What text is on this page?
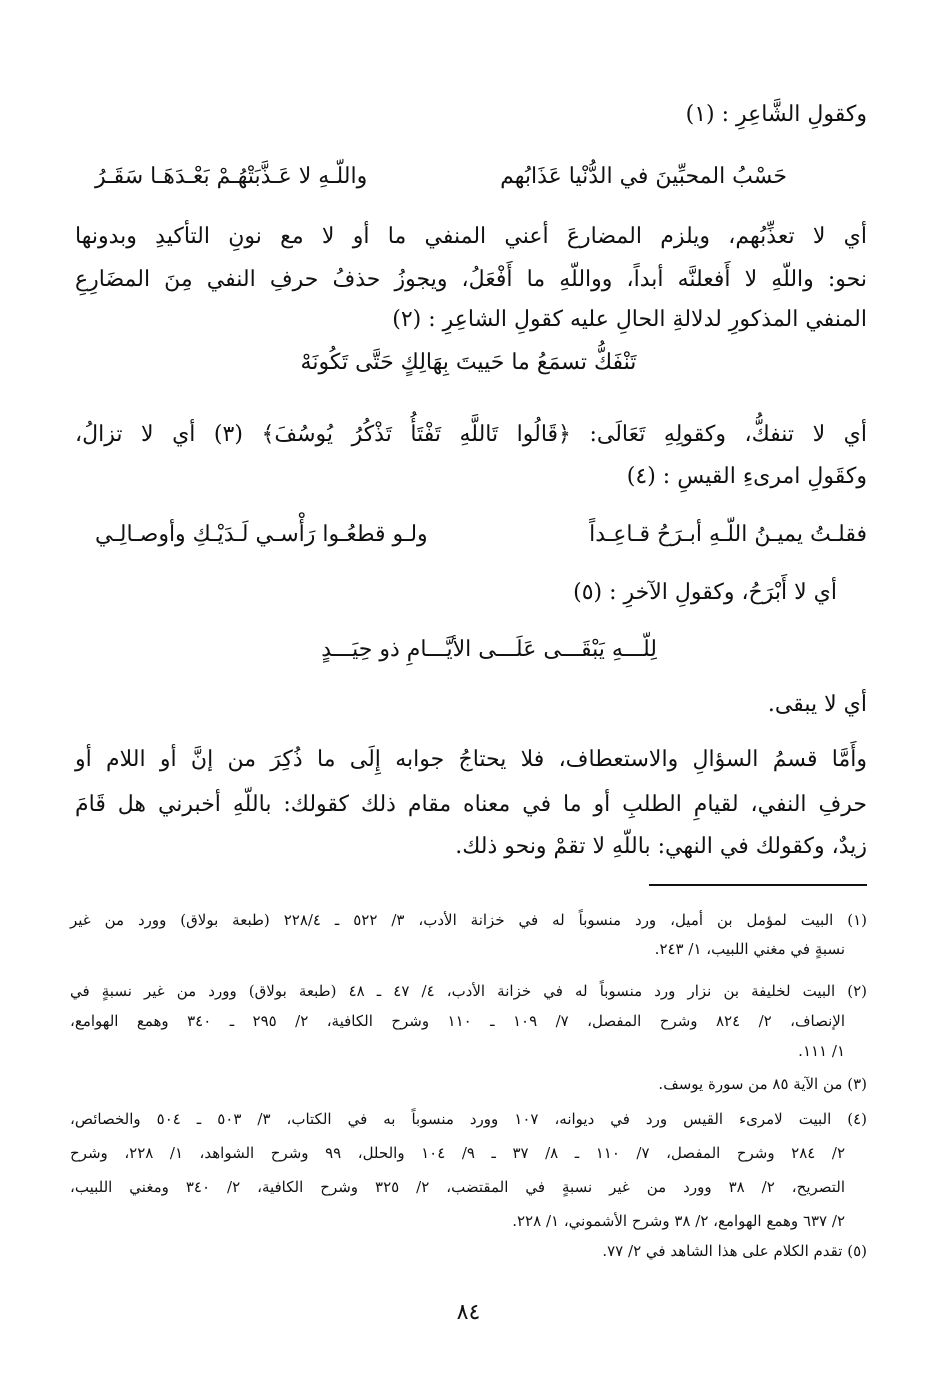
وكقولِ الشَّاعِرِ : (١)
حَسْبُ المحبِّينَ في الدُّنْيا عَذَابُهم
واللّـهِ لا عَـذَّبَتْهُـمْ بَعْـدَهَـا سَقَـرُ
أي لا تعذِّبُهم، ويلزم المضارعَ أعني المنفي ما أو لا مع نونِ التأكيدِ وبدونها
نحو: واللّهِ لا أَفعلنَّه أبداً، وواللّهِ ما أَفْعَلُ، ويجوزُ حذفُ حرفِ النفي مِنَ المضَارِعِ
المنفي المذكورِ لدلالةِ الحالِ عليه كقولِ الشاعِرِ : (٢)
تَنْفَكُّ تسمَعُ ما حَييتَ بِهَالِكٍ حَتَّى تَكُونَهْ
أي لا تنفكُّ، وكقولِهِ تَعَالَى: ﴿قَالُوا تَاللَّهِ تَفْتَأُ تَذْكُرُ يُوسُفَ﴾ (٣) أي لا تزالُ،
وكقَولِ امرىءِ القيسِ : (٤)
فقلـتُ يميـنُ اللّـهِ أبـرَحُ قـاعِـداً
ولـو قطعُـوا رَأْسـي لَـدَيْـكِ وأوصـالِـي
أي لا أَبْرَحُ، وكقولِ الآخرِ : (٥)
لِلّـــهِ يَبْقَـــى عَلَـــى الأيَّـــامِ ذو حِيَـــدٍ
أي لا يبقى.
وأَمَّا قسمُ السؤالِ والاستعطاف، فلا يحتاجُ جوابه إِلَى ما ذُكِرَ من إنَّ أو اللام أو
حرفِ النفي، لقيامِ الطلبِ أو ما في معناه مقام ذلك كقولك: باللّهِ أخبرني هل قَامَ
زيدٌ، وكقولك في النهي: باللّهِ لا تقمْ ونحو ذلك.
(١) البيت لمؤمل بن أميل، ورد منسوباً له في خزانة الأدب، ٣/ ٥٢٢ ـ ٢٢٨/٤ (طبعة بولاق) وورد من غير
نسبةٍ في مغني اللبيب، ١/ ٢٤٣.
(٢) البيت لخليفة بن نزار ورد منسوباً له في خزانة الأدب، ٤/ ٤٧ ـ ٤٨ (طبعة بولاق) وورد من غير نسبةٍ في
الإنصاف، ٢/ ٨٢٤ وشرح المفصل، ٧/ ١٠٩ ـ ١١٠ وشرح الكافية، ٢/ ٢٩٥ ـ ٣٤٠ وهمع الهوامع،
١/ ١١١.
(٣) من الآية ٨٥ من سورة يوسف.
(٤) البيت لامرىء القيس ورد في ديوانه، ١٠٧ وورد منسوباً به في الكتاب، ٣/ ٥٠٣ ـ ٥٠٤ والخصائص،
٢/ ٢٨٤ وشرح المفصل، ٧/ ١١٠ ـ ٨/ ٣٧ ـ ٩/ ١٠٤ والحلل، ٩٩ وشرح الشواهد، ١/ ٢٢٨، وشرح
التصريح، ٢/ ٣٨ وورد من غير نسبةٍ في المقتضب، ٢/ ٣٢٥ وشرح الكافية، ٢/ ٣٤٠ ومغني اللبيب،
٢/ ٦٣٧ وهمع الهوامع، ٢/ ٣٨ وشرح الأشموني، ١/ ٢٢٨.
(٥) تقدم الكلام على هذا الشاهد في ٢/ ٧٧.
٨٤
